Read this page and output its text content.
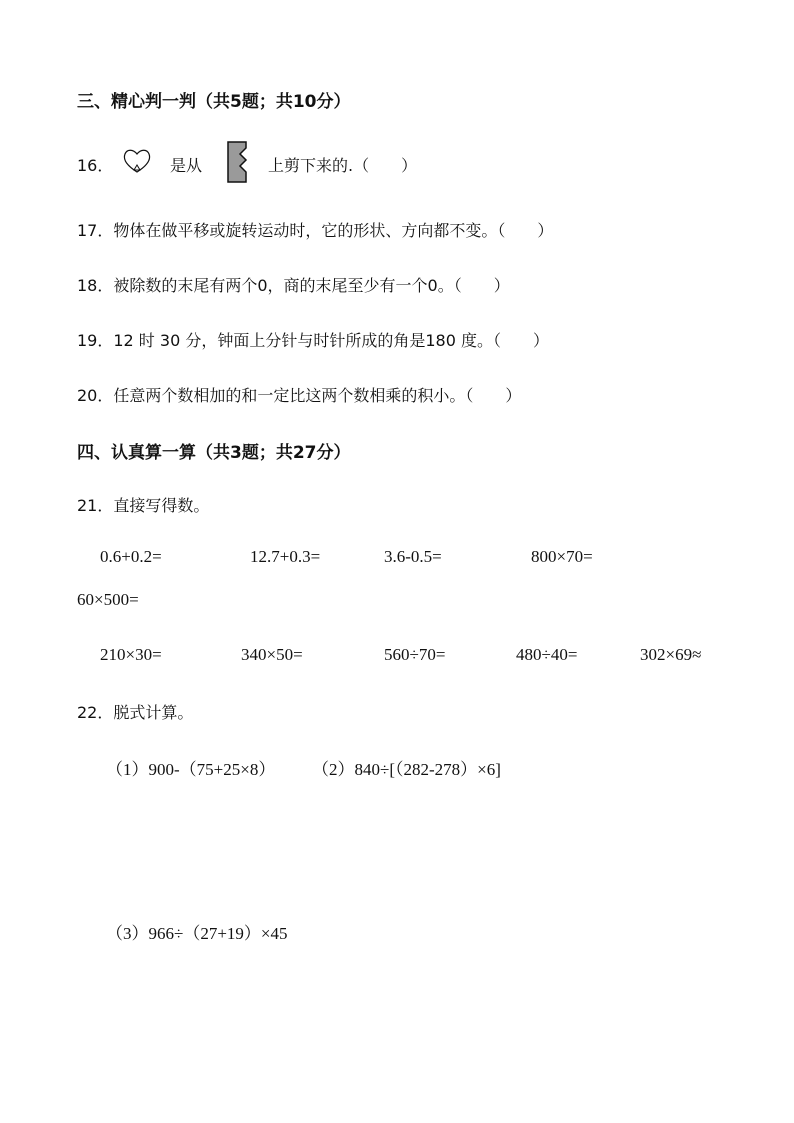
三、精心判一判（共5题；共10分）
16．	是从	上剪下来的.（　　）
17．物体在做平移或旋转运动时，它的形状、方向都不变。（　　）
18．被除数的末尾有两个0，商的末尾至少有一个0。（　　）
19．12 时 30 分，钟面上分针与时针所成的角是180 度。（　　）
20．任意两个数相加的和一定比这两个数相乘的积小。（　　）
四、认真算一算（共3题；共27分）
21．直接写得数。
0.6+0.2=	12.7+0.3=	3.6-0.5=	800×70=
60×500=
210×30=	340×50=	560÷70=	480÷40=	302×69≈
22．脱式计算。
（1）900-（75+25×8） （2）840÷[（282-278）×6]
（3）966÷（27+19）×45
